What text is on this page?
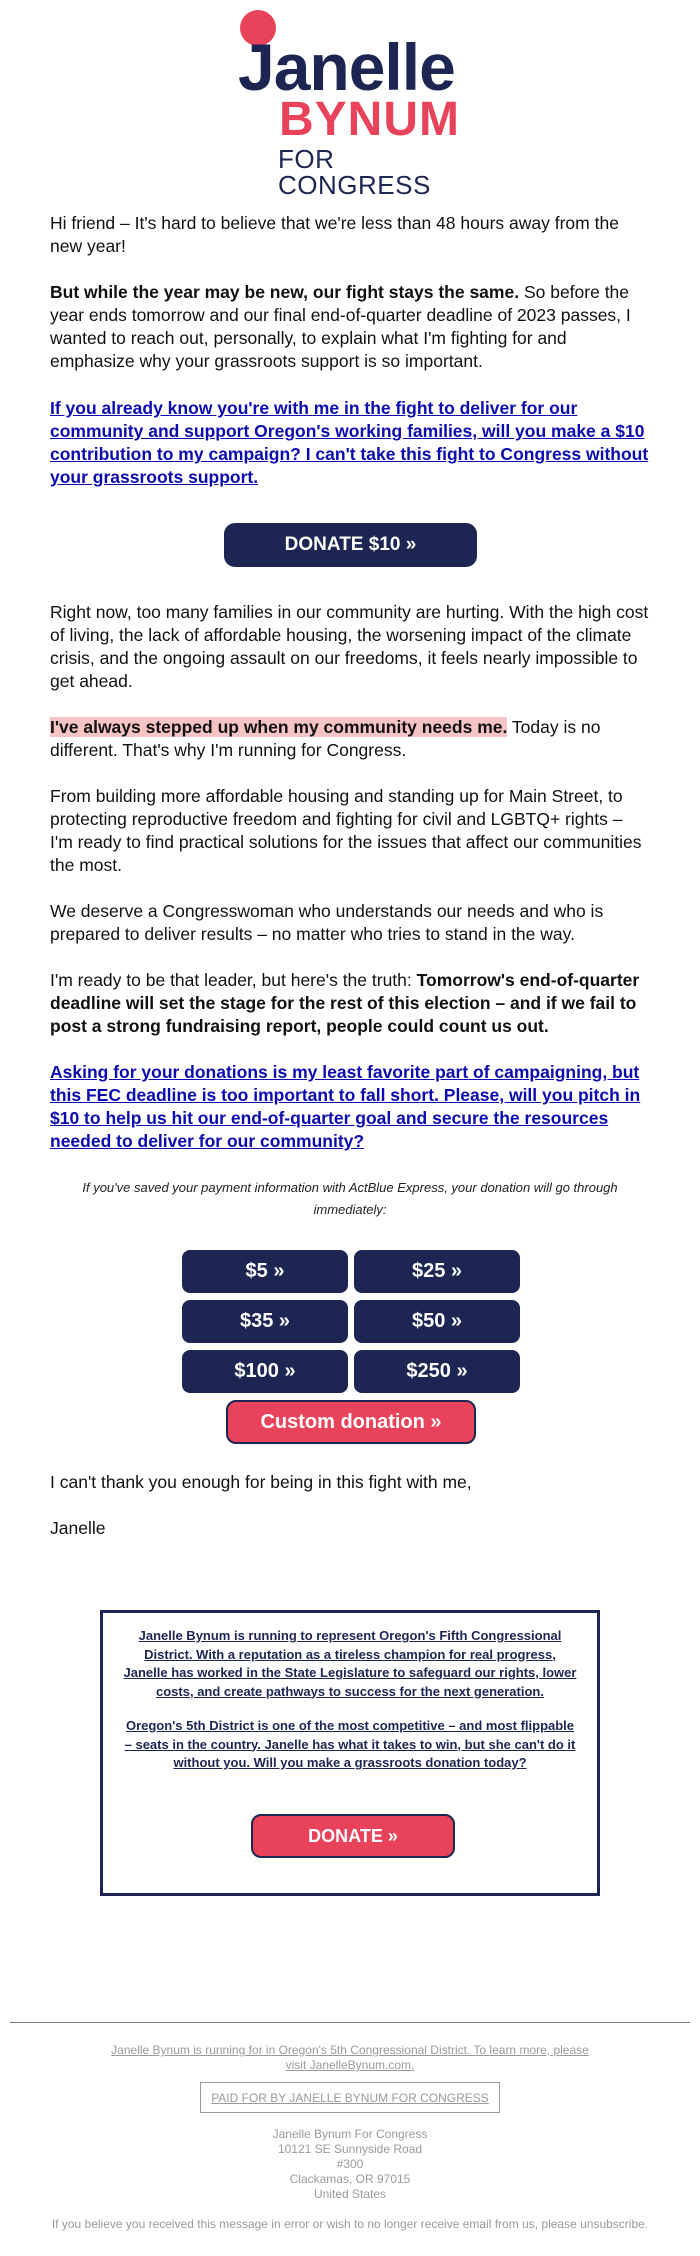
Janelle
BYNUM
FOR CONGRESS

Hi friend – It's hard to believe that we're less than 48 hours away from the new year!

But while the year may be new, our fight stays the same. So before the year ends tomorrow and our final end-of-quarter deadline of 2023 passes, I wanted to reach out, personally, to explain what I'm fighting for and emphasize why your grassroots support is so important.

If you already know you're with me in the fight to deliver for our community and support Oregon's working families, will you make a $10 contribution to my campaign? I can't take this fight to Congress without your grassroots support.
DONATE $10 »

Right now, too many families in our community are hurting. With the high cost of living, the lack of affordable housing, the worsening impact of the climate crisis, and the ongoing assault on our freedoms, it feels nearly impossible to get ahead.

I've always stepped up when my community needs me. Today is no different. That's why I'm running for Congress.

From building more affordable housing and standing up for Main Street, to protecting reproductive freedom and fighting for civil and LGBTQ+ rights – I'm ready to find practical solutions for the issues that affect our communities the most.

We deserve a Congresswoman who understands our needs and who is prepared to deliver results – no matter who tries to stand in the way.

I'm ready to be that leader, but here's the truth: Tomorrow's end-of-quarter deadline will set the stage for the rest of this election – and if we fail to post a strong fundraising report, people could count us out.

Asking for your donations is my least favorite part of campaigning, but this FEC deadline is too important to fall short. Please, will you pitch in $10 to help us hit our end-of-quarter goal and secure the resources needed to deliver for our community?

If you've saved your payment information with ActBlue Express, your donation will go through immediately:

$5 »	$25 »
$35 »	$50 »
$100 »	$250 »
Custom donation »

I can't thank you enough for being in this fight with me,

Janelle

Janelle Bynum is running to represent Oregon's Fifth Congressional District. With a reputation as a tireless champion for real progress, Janelle has worked in the State Legislature to safeguard our rights, lower costs, and create pathways to success for the next generation.

Oregon's 5th District is one of the most competitive – and most flippable – seats in the country. Janelle has what it takes to win, but she can't do it without you. Will you make a grassroots donation today?

DONATE »
Janelle Bynum is running for in Oregon's 5th Congressional District. To learn more, please visit JanelleBynum.com.
PAID FOR BY JANELLE BYNUM FOR CONGRESS
Janelle Bynum For Congress
10121 SE Sunnyside Road
#300
Clackamas, OR 97015
United States
If you believe you received this message in error or wish to no longer receive email from us, please unsubscribe.
